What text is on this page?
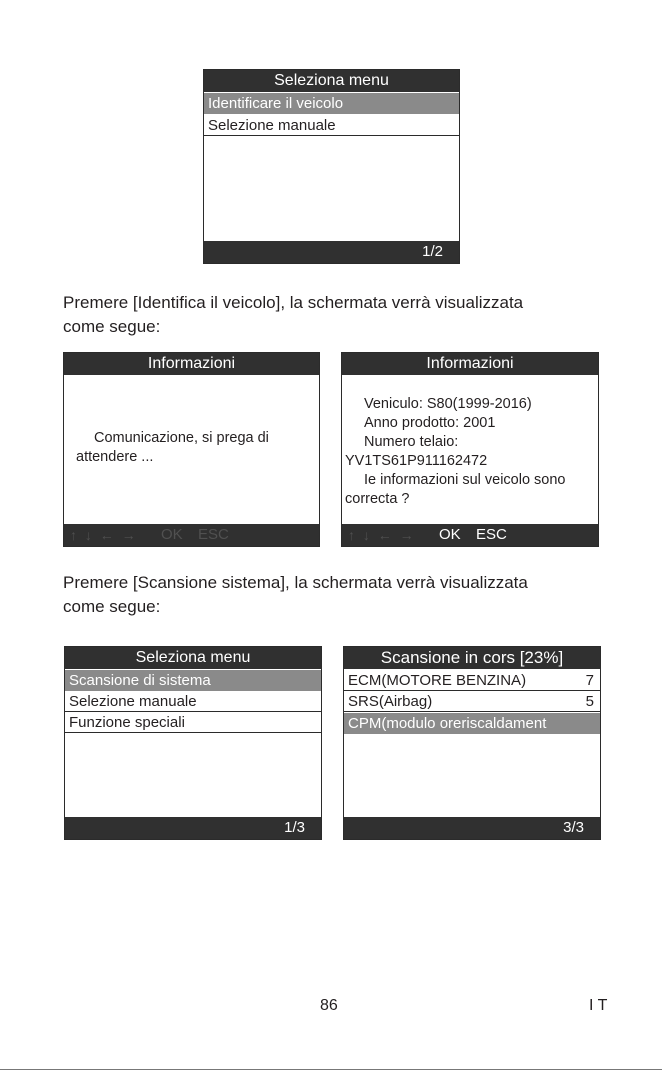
Seleziona menu
Identificare il veicolo
Selezione manuale
1/2
Premere [Identifica il veicolo], la schermata verrà visualizzata
come segue:
Informazioni
Comunicazione, si prega di
attendere ...
↑ ↓ ← → OK ESC
Informazioni
Veniculo: S80(1999-2016)
Anno prodotto: 2001
Numero telaio:
YV1TS61P911162472
Ie informazioni sul veicolo sono
correcta ?
↑ ↓ ← → OK ESC
Premere [Scansione sistema], la schermata verrà visualizzata
come segue:
Seleziona menu
Scansione di sistema
Selezione manuale
Funzione speciali
1/3
Scansione in cors [23%]
ECM(MOTORE BENZINA)	7
SRS(Airbag)	5
CPM(modulo oreriscaldament
3/3
86	I T
